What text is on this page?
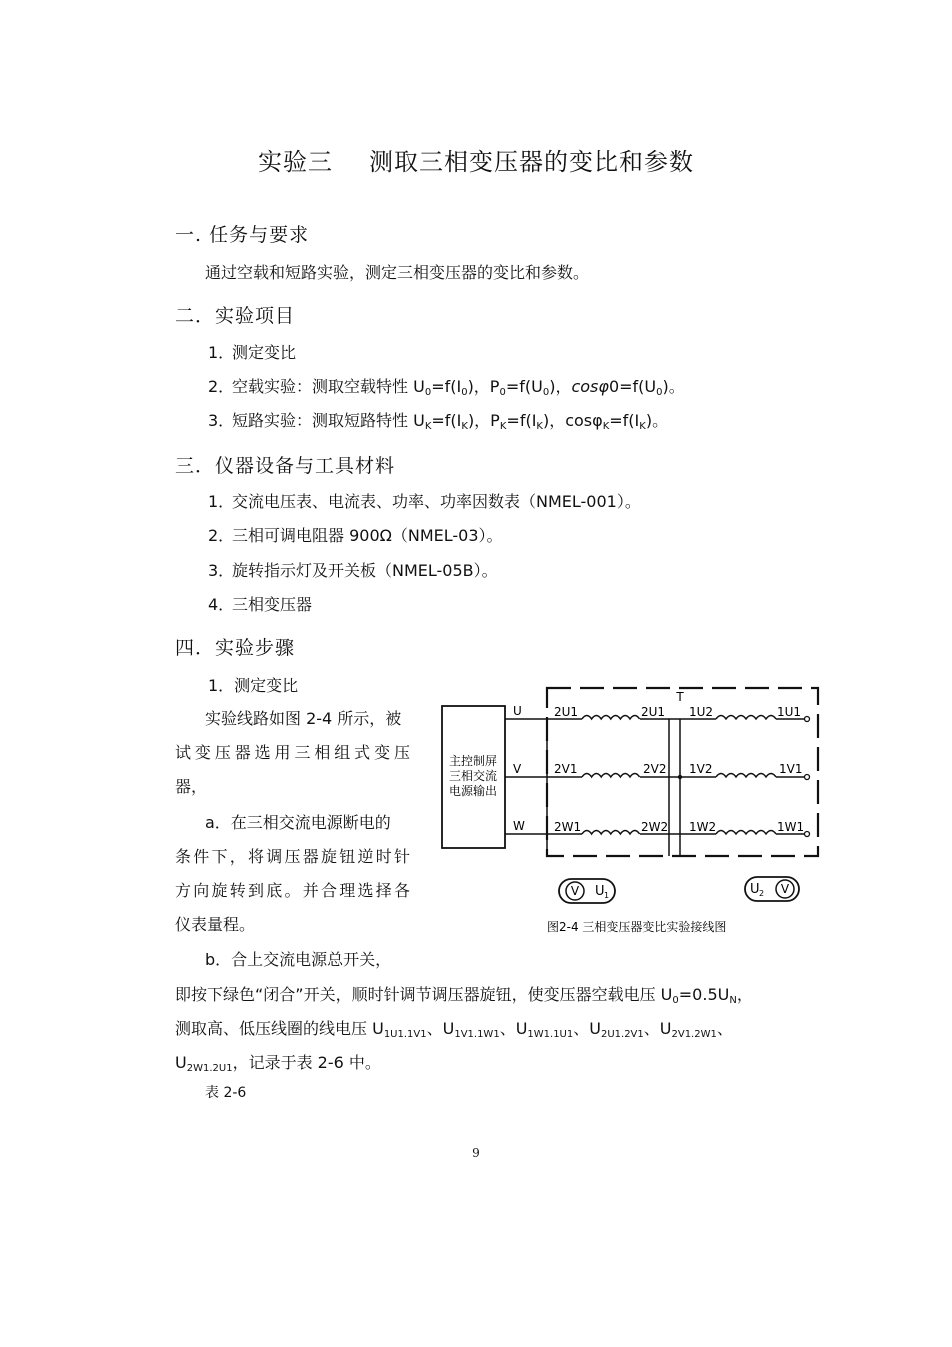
实验三 测取三相变压器的变比和参数
一. 任务与要求
通过空载和短路实验，测定三相变压器的变比和参数。
二．实验项目
1．测定变比
2．空载实验：测取空载特性 $U_0=f(I_0)$，$P_0=f(U_0)$，$\cos\varphi 0=f(U_0)$。
3．短路实验：测取短路特性 $U_K=f(I_K)$，$P_K=f(I_K)$，$\cos\varphi_K=f(I_K)$。
三．仪器设备与工具材料
1．交流电压表、电流表、功率、功率因数表（NMEL-001）。
2．三相可调电阻器 900Ω（NMEL-03）。
3．旋转指示灯及开关板（NMEL-05B）。
4．三相变压器
四．实验步骤
1．测定变比
实验线路如图 2-4 所示，被
试变压器选用三相组式变压
器，
a．在三相交流电源断电的
条件下，将调压器旋钮逆时针
方向旋转到底。并合理选择各
仪表量程。
b．合上交流电源总开关，
即按下绿色“闭合”开关，顺时针调节调压器旋钮，使变压器空载电压 $U_0=0.5U_N$，
测取高、低压线圈的线电压 $U_{1U1.1V1}$、$U_{1V1.1W1}$、$U_{1W1.1U1}$、$U_{2U1.2V1}$、$U_{2V1.2W1}$、
$U_{2W1.2U1}$，记录于表 2-6 中。
表 2-6
主控制屏
三相交流
电源输出
T
U
V
W
2U1	2U1
2V1	2V2
2W1	2W2
1U2	1U1
1V2	1V1
1W2	1W1
V U 1	V
U 2
图2-4 三相变压器变比实验接线图
9
